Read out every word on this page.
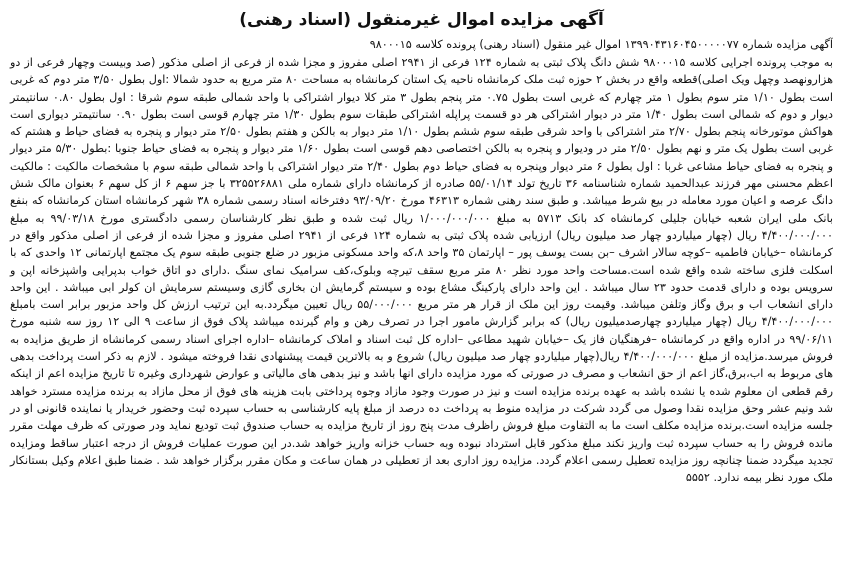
آگهی مزایده اموال غیرمنقول (اسناد رهنی)
آگهی مزایده شماره ۱۳۹۹۰۴۳۱۶۰۴۵۰۰۰۰۰۷۷ اموال غیر منقول (اسناد رهنی) پرونده کلاسه ۹۸۰۰۰۱۵
به موجب پرونده اجرایی کلاسه ۹۸۰۰۰۱۵ شش دانگ پلاک ثبتی به شماره ۱۲۴ فرعی از ۲۹۴۱ اصلی مفروز و مجزا شده از فرعی از اصلی مذکور (صد وبیست وچهار فرعی از دو هزارونهصد وچهل ویک اصلی)قطعه واقع در بخش ۲ حوزه ثبت ملک کرمانشاه ناحیه یک استان کرمانشاه به مساحت ۸۰ متر مربع به حدود شمالا :اول بطول ۳/۵۰ متر دوم که غربی است بطول ۱/۱۰ متر سوم بطول ۱ متر چهارم که غربی است بطول ۰.۷۵ متر پنجم بطول ۳ متر کلا دیوار اشتراکی با واحد شمالی طبقه سوم شرقا : اول بطول ۰.۸۰ سانتیمتر دیوار و دوم که شمالی است بطول ۱/۴۰ متر در دیوار اشتراکی هر دو قسمت پراپله اشتراکی طبقات سوم بطول ۱/۳۰ متر چهارم قوسی است بطول ۰.۹۰ سانتیمتر دیواری است هواکش موتورخانه پنجم بطول ۲/۷۰ متر اشتراکی با واحد شرقی طبقه سوم ششم بطول ۱/۱۰ متر دیوار به بالکن و هفتم بطول ۲/۵۰ متر دیوار و پنجره به فضای حیاط و هشتم که غربی است بطول یک متر و نهم بطول ۲/۵۰ متر در ودیوار و پنجره به بالکن اختصاصی دهم قوسی است بطول ۱/۶۰ متر دیوار و پنجره به فضای حیاط جنوبا :بطول ۵/۳۰ متر دیوار و پنجره به فضای حیاط مشاعی غربا : اول بطول ۶ متر دیوار وپنجره به فضای حیاط دوم بطول ۲/۴۰ متر دیوار اشتراکی با واحد شمالی طبقه سوم با مشخصات مالکیت : مالکیت اعظم محسنی مهر فرزند عبدالحمید شماره شناسنامه ۳۶ تاریخ تولد ۵۵/۰۱/۱۴ صادره از کرمانشاه دارای شماره ملی ۳۲۵۵۲۶۸۸۱ با جز سهم ۶ از کل سهم ۶ بعنوان مالک شش دانگ عرصه و اعیان مورد معامله در بیع شرط میباشد. و طبق سند رهنی شماره ۴۶۳۱۳ مورخ ۹۳/۰۹/۲۰ دفترخانه اسناد رسمی شماره ۳۸ شهر کرمانشاه استان کرمانشاه که بنفع بانک ملی ایران شعبه خیابان جلیلی کرمانشاه کد بانک ۵۷۱۳ به مبلغ ۱/۰۰۰/۰۰۰/۰۰۰ ریال ثبت شده و طبق نظر کارشناسان رسمی دادگستری مورخ ۹۹/۰۳/۱۸ به مبلغ ۴/۴۰۰/۰۰۰/۰۰۰ ریال (چهار میلیاردو چهار صد میلیون ریال) ارزیابی شده پلاک ثبتی به شماره ۱۲۴ فرعی از ۲۹۴۱ اصلی مفروز و مجزا شده از فرعی از اصلی مذکور واقع در کرمانشاه –خیابان فاطمیه –کوچه سالار اشرف –بن بست یوسف پور – اپارتمان ۳۵ واحد ۸،که واحد مسکونی مزبور در ضلع جنوبی طبقه سوم یک مجتمع اپارتمانی ۱۲ واحدی که با اسکلت فلزی ساخته شده واقع شده است.مساحت واحد مورد نظر ۸۰ متر مربع سقف تیرچه وبلوک،کف سرامیک نمای سنگ .دارای دو اتاق خواب بدپرایی واشپزخانه اپن و سرویس بوده و دارای قدمت حدود ۲۳ سال میباشد . این واحد دارای پارکینگ مشاع بوده و سیستم گرمایش ان بخاری گازی وسیستم سرمایش ان کولر ابی میباشد . این واحد دارای انشعاب اب و برق وگاز وتلفن میباشد. وقیمت روز این ملک از قرار هر متر مربع ۵۵/۰۰۰/۰۰۰ ریال تعیین میگردد.به این ترتیب ارزش کل واحد مزبور برابر است بامبلغ ۴/۴۰۰/۰۰۰/۰۰۰ ریال (چهار میلیاردو چهارصدمیلیون ریال) که برابر گزارش مامور اجرا در تصرف رهن و وام گیرنده میباشد پلاک فوق از ساعت ۹ الی ۱۲ روز سه شنبه مورخ ۹۹/۰۶/۱۱ در اداره واقع در کرمانشاه –فرهنگیان فاز یک –خیابان شهید مطاعی –اداره کل ثبت اسناد و املاک کرمانشاه –اداره اجرای اسناد رسمی کرمانشاه از طریق مزایده به فروش میرسد.مزایده از مبلغ ۴/۴۰۰/۰۰۰/۰۰۰ ریال(چهار میلیاردو چهار صد میلیون ریال) شروع و به بالاترین قیمت پیشنهادی نقدا فروخته میشود . لازم به ذکر است پرداخت بدهی های مربوط به اب،برق،گاز اعم از حق انشعاب و مصرف در صورتی که مورد مزایده دارای انها باشد و نیز بدهی های مالیاتی و عوارض شهرداری وغیره تا تاریخ مزایده اعم از اینکه رقم قطعی ان معلوم شده یا نشده باشد به عهده برنده مزایده است و نیز در صورت وجود مازاد وجوه پرداختی بابت هزینه های فوق از محل مازاد به برنده مزایده مسترد خواهد شد ونیم عشر وحق مزایده نقدا وصول می گردد شرکت در مزایده منوط به پرداخت ده درصد از مبلغ پایه کارشناسی به حساب سپرده ثبت وحضور خریدار یا نماینده قانونی او در جلسه مزایده است.برنده مزایده مکلف است ما به التفاوت مبلغ فروش راظرف مدت پنج روز از تاریخ مزایده به حساب صندوق ثبت تودیع نماید ودر صورتی که ظرف مهلت مقرر مانده فروش را به حساب سپرده ثبت واریز نکند مبلغ مذکور قابل استرداد نبوده وبه حساب خزانه واریز خواهد شد.در این صورت عملیات فروش از درجه اعتبار ساقط ومزایده تجدید میگردد ضمنا چنانچه روز مزایده تعطیل رسمی اعلام گردد. مزایده روز اداری بعد از تعطیلی در همان ساعت و مکان مقرر برگزار خواهد شد . ضمنا طبق اعلام وکیل بستانکار ملک مورد نظر بیمه ندارد. ۵۵۵۲
